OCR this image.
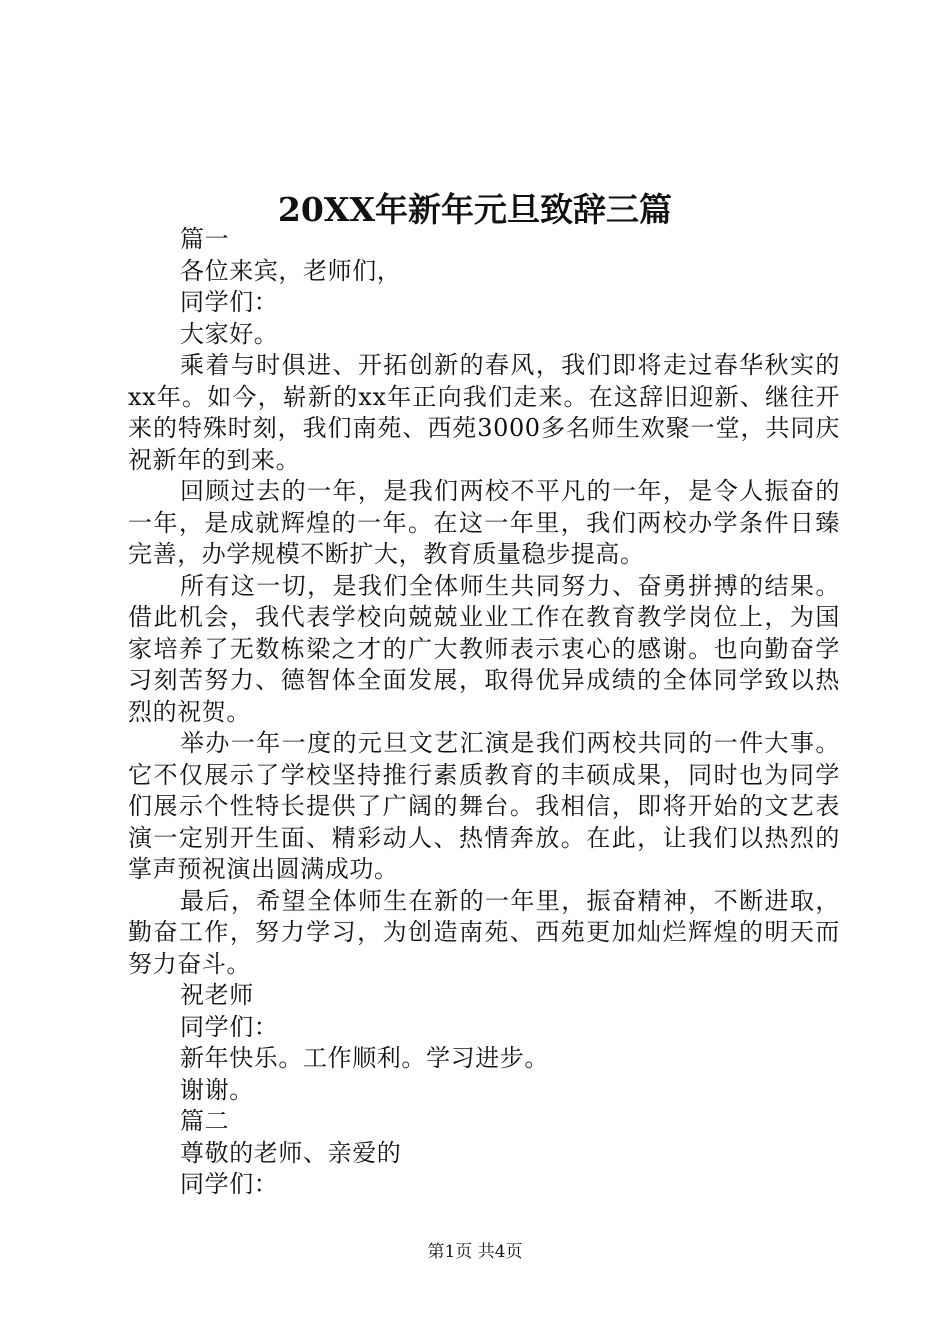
20XX年新年元旦致辞三篇
篇一
各位来宾，老师们，
同学们：
大家好。

乘着与时俱进、开拓创新的春风，我们即将走过春华秋实的xx年。如今，崭新的xx年正向我们走来。在这辞旧迎新、继往开来的特殊时刻，我们南苑、西苑3000多名师生欢聚一堂，共同庆祝新年的到来。

回顾过去的一年，是我们两校不平凡的一年，是令人振奋的一年，是成就辉煌的一年。在这一年里，我们两校办学条件日臻完善，办学规模不断扩大，教育质量稳步提高。

所有这一切，是我们全体师生共同努力、奋勇拼搏的结果。借此机会，我代表学校向兢兢业业工作在教育教学岗位上，为国家培养了无数栋梁之才的广大教师表示衷心的感谢。也向勤奋学习刻苦努力、德智体全面发展，取得优异成绩的全体同学致以热烈的祝贺。

举办一年一度的元旦文艺汇演是我们两校共同的一件大事。它不仅展示了学校坚持推行素质教育的丰硕成果，同时也为同学们展示个性特长提供了广阔的舞台。我相信，即将开始的文艺表演一定别开生面、精彩动人、热情奔放。在此，让我们以热烈的掌声预祝演出圆满成功。

最后，希望全体师生在新的一年里，振奋精神，不断进取，勤奋工作，努力学习，为创造南苑、西苑更加灿烂辉煌的明天而努力奋斗。

祝老师
同学们：
新年快乐。工作顺利。学习进步。
谢谢。
篇二
尊敬的老师、亲爱的
同学们：
第1页 共4页
